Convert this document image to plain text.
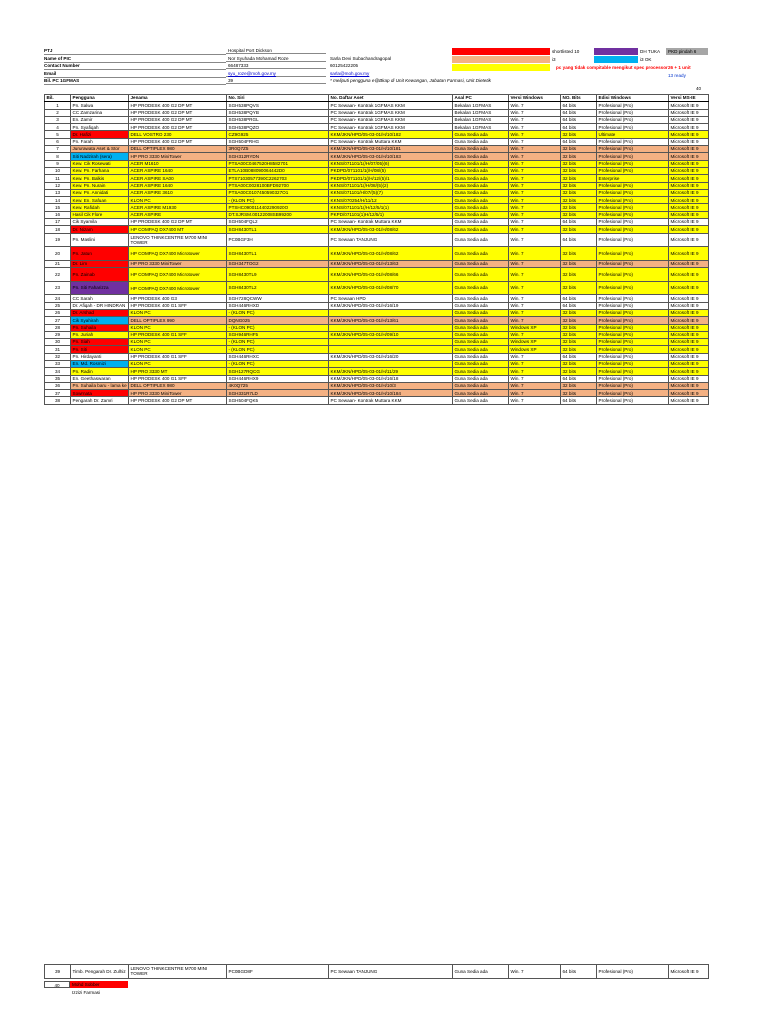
PTJ	Hospital Port Dickson
Name of PIC	Nor Syuhada Mohamad Roze	Sarla Devi Subachandragopal
Contact Number	66487333	60125422205
Email	syu_roze@moh.gov.my	sarla@moh.gov.my
Bil. PC 1GFMAS	39	* meliputi pengguna e@Bkap di Unit Kewangan, Jabatan Farmasi, Unit Dietetik
40
shortlisted 10	DH TUKA PKD pindah 6
i3	i3 OK
pc yang tidak compitable mengikut spec processor 26 + 1 unit
13 ready
Bil.	Pengguna	Jenama	No. Siri	No. Daftar Aset	Asal PC	Versi Windows	NO. Bits	Edisi Windows	Versi MS-IE
1	Pn. Salwa	HP PRODESK 400 G2 DP MT	SGH538PQVS	PC Sewaan- Kontrak 1GFMAS KKM	Bekalan 1GFMAS	Win. 7	64 bits	Profesional (Pro)	Microsoft IE 9
2	CC Zamzarina	HP PRODESK 400 G2 DP MT	SGH538PQYB	PC Sewaan- Kontrak 1GFMAS KKM	Bekalan 1GFMAS	Win. 7	64 bits	Profesional (Pro)	Microsoft IE 9
3	En. Zamir	HP PRODESK 400 G2 DP MT	SGH538PRGL	PC Sewaan- Kontrak 1GFMAS KKM	Bekalan 1GFMAS	Win. 7	64 bits	Profesional (Pro)	Microsoft IE 9
4	Pn. Syafiqah	HP PRODESK 400 G2 DP MT	SGH538PQZO	PC Sewaan- Kontrak 1GFMAS KKM	Bekalan 1GFMAS	Win. 7	64 bits	Profesional (Pro)	Microsoft IE 9
5	Dr. Hafizi	DELL VOSTRO 230	CZ9G925	KKM/JKN/HPD/05-03-01/H/10/182	Guna Sedia ada	Win. 7	32 bits	Ultimate	Microsoft IE 9
6	Pn. Farah	HP PRODESK 400 G2 DP MT	SGH504FRHG	PC Sewaan- Kontrak Muttara KKM	Guna Sedia ada	Win. 7	64 bits	Profesional (Pro)	Microsoft IE 9
7	Jururawata Aset & Stor	DELL OPTIPLEX 980	3R0Q7Z5	KKM/JKN/HPD/05-03-01/H/10/181	Guna Sedia ada	Win. 7	32 bits	Profesional (Pro)	Microsoft IE 9
8	Siti Nadzirah (sera)	HP PRO 3330 MiniTower	SGH312RYDN	KKM/JKN/HPD/05-03-01/H/10/183	Guna Sedia ada	Win. 7	32 bits	Profesional (Pro)	Microsoft IE 9
9	Kew. Cik Rosewati	ACER M1610	PTSA00C0467520H8582701	KKNS/071101/1(/H/07/05)(6)	Guna Sedia ada	Win. 7	32 bits	Profesional (Pro)	Microsoft IE 9
10	Kew. Pn. Farhana	ACER ASPIRE 1640	ETLA10B088090064442D0	PKDPD/071101/1(/H/08/(5)	Guna Sedia ada	Win. 7	32 bits	Profesional (Pro)	Microsoft IE 9
11	Kew. Pn. Balkis	ACER ASPIRE SA00	PTS71030577390C2262703	PKDPD/071101/1(/H/12/(5)/1	Guna Sedia ada	Win. 7	32 bits	Enterprise	Microsoft IE 9
12	Kew. Pn. Nurain	ACER ASPIRE 1640	PTSA00C0028100BFD92700	KKNS/071101/1(/H/08/(5)(2)	Guna Sedia ada	Win. 7	32 bits	Profesional (Pro)	Microsoft IE 9
13	Kew. Pn. Annidati	ACER ASPIRE 3610	PTSA00C0107450590327O1	KKNS/071101/H/07/(5)(7)	Guna Sedia ada	Win. 7	32 bits	Profesional (Pro)	Microsoft IE 9
14	Kew. En. Safuan	KLON PC	- (KLON PC)	KKNS/070254/H/11/12	Guna Sedia ada	Win. 7	32 bits	Profesional (Pro)	Microsoft IE 9
15	Kew. Rafidah	ACER ASPIRE M1930	PTSHC0900114402290920O	KKNS/071101/1(/H/12/5/1(1)	Guna Sedia ada	Win. 7	32 bits	Profesional (Pro)	Microsoft IE 9
16	Hasil Cik Flore	ACER ASPIRE	DT.SJRSM.00122008SB99200	PKPD/071101(1)H/12/5/1)	Guna Sedia ada	Win. 7	32 bits	Profesional (Pro)	Microsoft IE 9
17	Cik Syamila	HP PRODESK 400 G2 DP MT	SGH504FQL2	PC Sewaan- Kontrak Muttara KKM	Guna Sedia ada	Win. 7	64 bits	Profesional (Pro)	Microsoft IE 9
18	Dr. Nizam	HP COMPAQ DX7400 MT	SGH8430TL1	KKM/JKN/HPD/05-03-01/H/08/62	Guna Sedia ada	Win. 7	32 bits	Profesional (Pro)	Microsoft IE 9
19	Pn. Maslini	LENOVO THINKCENTRE M700 MINI TOWER	PC0BGF3H	PC Sewaan TANJUNG	Guna Sedia ada	Win. 7	64 bits	Profesional (Pro)	Microsoft IE 9
20	Pn. Jatun	HP COMPAQ DX7400 Microtower	SGH8430TL1	KKM/JKN/HPD/05-03-01/H/08/62	Guna Sedia ada	Win. 7	32 bits	Profesional (Pro)	Microsoft IE 9
21	Dr. Lim	HP PRO 3330 MiniTower	SGH347TOG2	KKM/JKN/HPD/05-03-01/H/13/63	Guna Sedia ada	Win. 7	32 bits	Profesional (Pro)	Microsoft IE 9
22	Pn. Zainab	HP COMPAQ DX7400 Microtower	SGH8430TL9	KKM/JKN/HPD/05-03-01/H/08/66	Guna Sedia ada	Win. 7	32 bits	Profesional (Pro)	Microsoft IE 9
23	Pn. Siti Faharizza	HP COMPAQ DX7400 Microtower	SGH8430TL2	KKM/JKN/HPD/05-03-01/H/08/70	Guna Sedia ada	Win. 7	32 bits	Profesional (Pro)	Microsoft IE 9
24	CC Sarah	HP PRODESK 400 G3	SGH728QCWW	PC Sewaan HPD	Guna Sedia ada	Win. 7	64 bits	Profesional (Pro)	Microsoft IE 9
25	Dr. Afiqah - DR HINDRAN	HP PRODESK 400 G1 SFF	SGH446RHXD	KKM/JKN/HPD/05-03-01/H/16/19	Guna Sedia ada	Win. 7	64 bits	Profesional (Pro)	Microsoft IE 9
26	Dr. Arshad	KLON PC	- (KLON PC)		Guna Sedia ada	Win. 7	32 bits	Profesional (Pro)	Microsoft IE 9
27	Cik Syahirah	DELL OPTIPLEX 990	DQNG025	KKM/JKN/HPD/05-03-01/H/13/61	Guna Sedia ada	Win. 7	32 bits	Profesional (Pro)	Microsoft IE 9
28	Pn. Suhaila	KLON PC	- (KLON PC)		Guna Sedia ada	Windows XP	32 bits	Profesional (Pro)	Microsoft IE 9
29	Pn. Juriah	HP PRODESK 400 G1 SFF	SGH946RHF5	KKM/JKN/HPD/05-03-01/H/09/10	Guna Sedia ada	Win. 7	32 bits	Profesional (Pro)	Microsoft IE 9
30	Pn. Siah	KLON PC	- (KLON PC)		Guna Sedia ada	Windows XP	32 bits	Profesional (Pro)	Microsoft IE 9
31	Pn. Siti	KLON PC	- (KLON PC)		Guna Sedia ada	Windows XP	32 bits	Profesional (Pro)	Microsoft IE 9
32	Pn. Hirdayanti	HP PRODESK 400 G1 SFF	SGH446RHXC	KKM/JKN/HPD/05-03-01/H/16/20	Guna Sedia ada	Win. 7	64 bits	Profesional (Pro)	Microsoft IE 9
33	En. Md. Rosmizi	KLON PC	- (KLON PC)		Guna Sedia ada	Win. 7	32 bits	Profesional (Pro)	Microsoft IE 9
34	Pn. Radin	HP PRO 3330 MT	SGH127RQCG	KKM/JKN/HPD/05-03-01/H/11/29	Guna Sedia ada	Win. 7	32 bits	Profesional (Pro)	Microsoft IE 9
35	En. Geethaswaran	HP PRODESK 400 G1 SFF	SGH446RHX9	KKM/JKN/HPD/05-03-01/H/16/18	Guna Sedia ada	Win. 7	64 bits	Profesional (Pro)	Microsoft IE 9
36	Pn. Suhaila baru - lama ke	DELL OPTIPLEX 980	4K0Q725	KKM/JKN/HPD/05-03-01/H/10/3	Guna Sedia ada	Win. 7	32 bits	Profesional (Pro)	Microsoft IE 9
37	Sowrnata	HP PRO 3330 MiniTower	SGH331R7LD	KKM/JKN/HPD/05-03-01/H/10/184	Guna Sedia ada	Win. 7	32 bits	Profesional (Pro)	Microsoft IE 9
38	Pengarah Dr. Zamri	HP PRODESK 400 G2 DP MT	SGH504FQK5	PC Sewaan- Kontrak Muttara KKM	Guna Sedia ada	Win. 7	64 bits	Profesional (Pro)	Microsoft IE 9
39	Timb. Pengarah Dr. Zulhiz	LENOVO THINKCENTRE M700 MINI TOWER	PC0BGD8F	PC Sewaan TANJUNG	Guna Sedia ada	Win. 7	64 bits	Profesional (Pro)	Microsoft IE 9
40	Mohd Sobber
Izzizi Farmasi
